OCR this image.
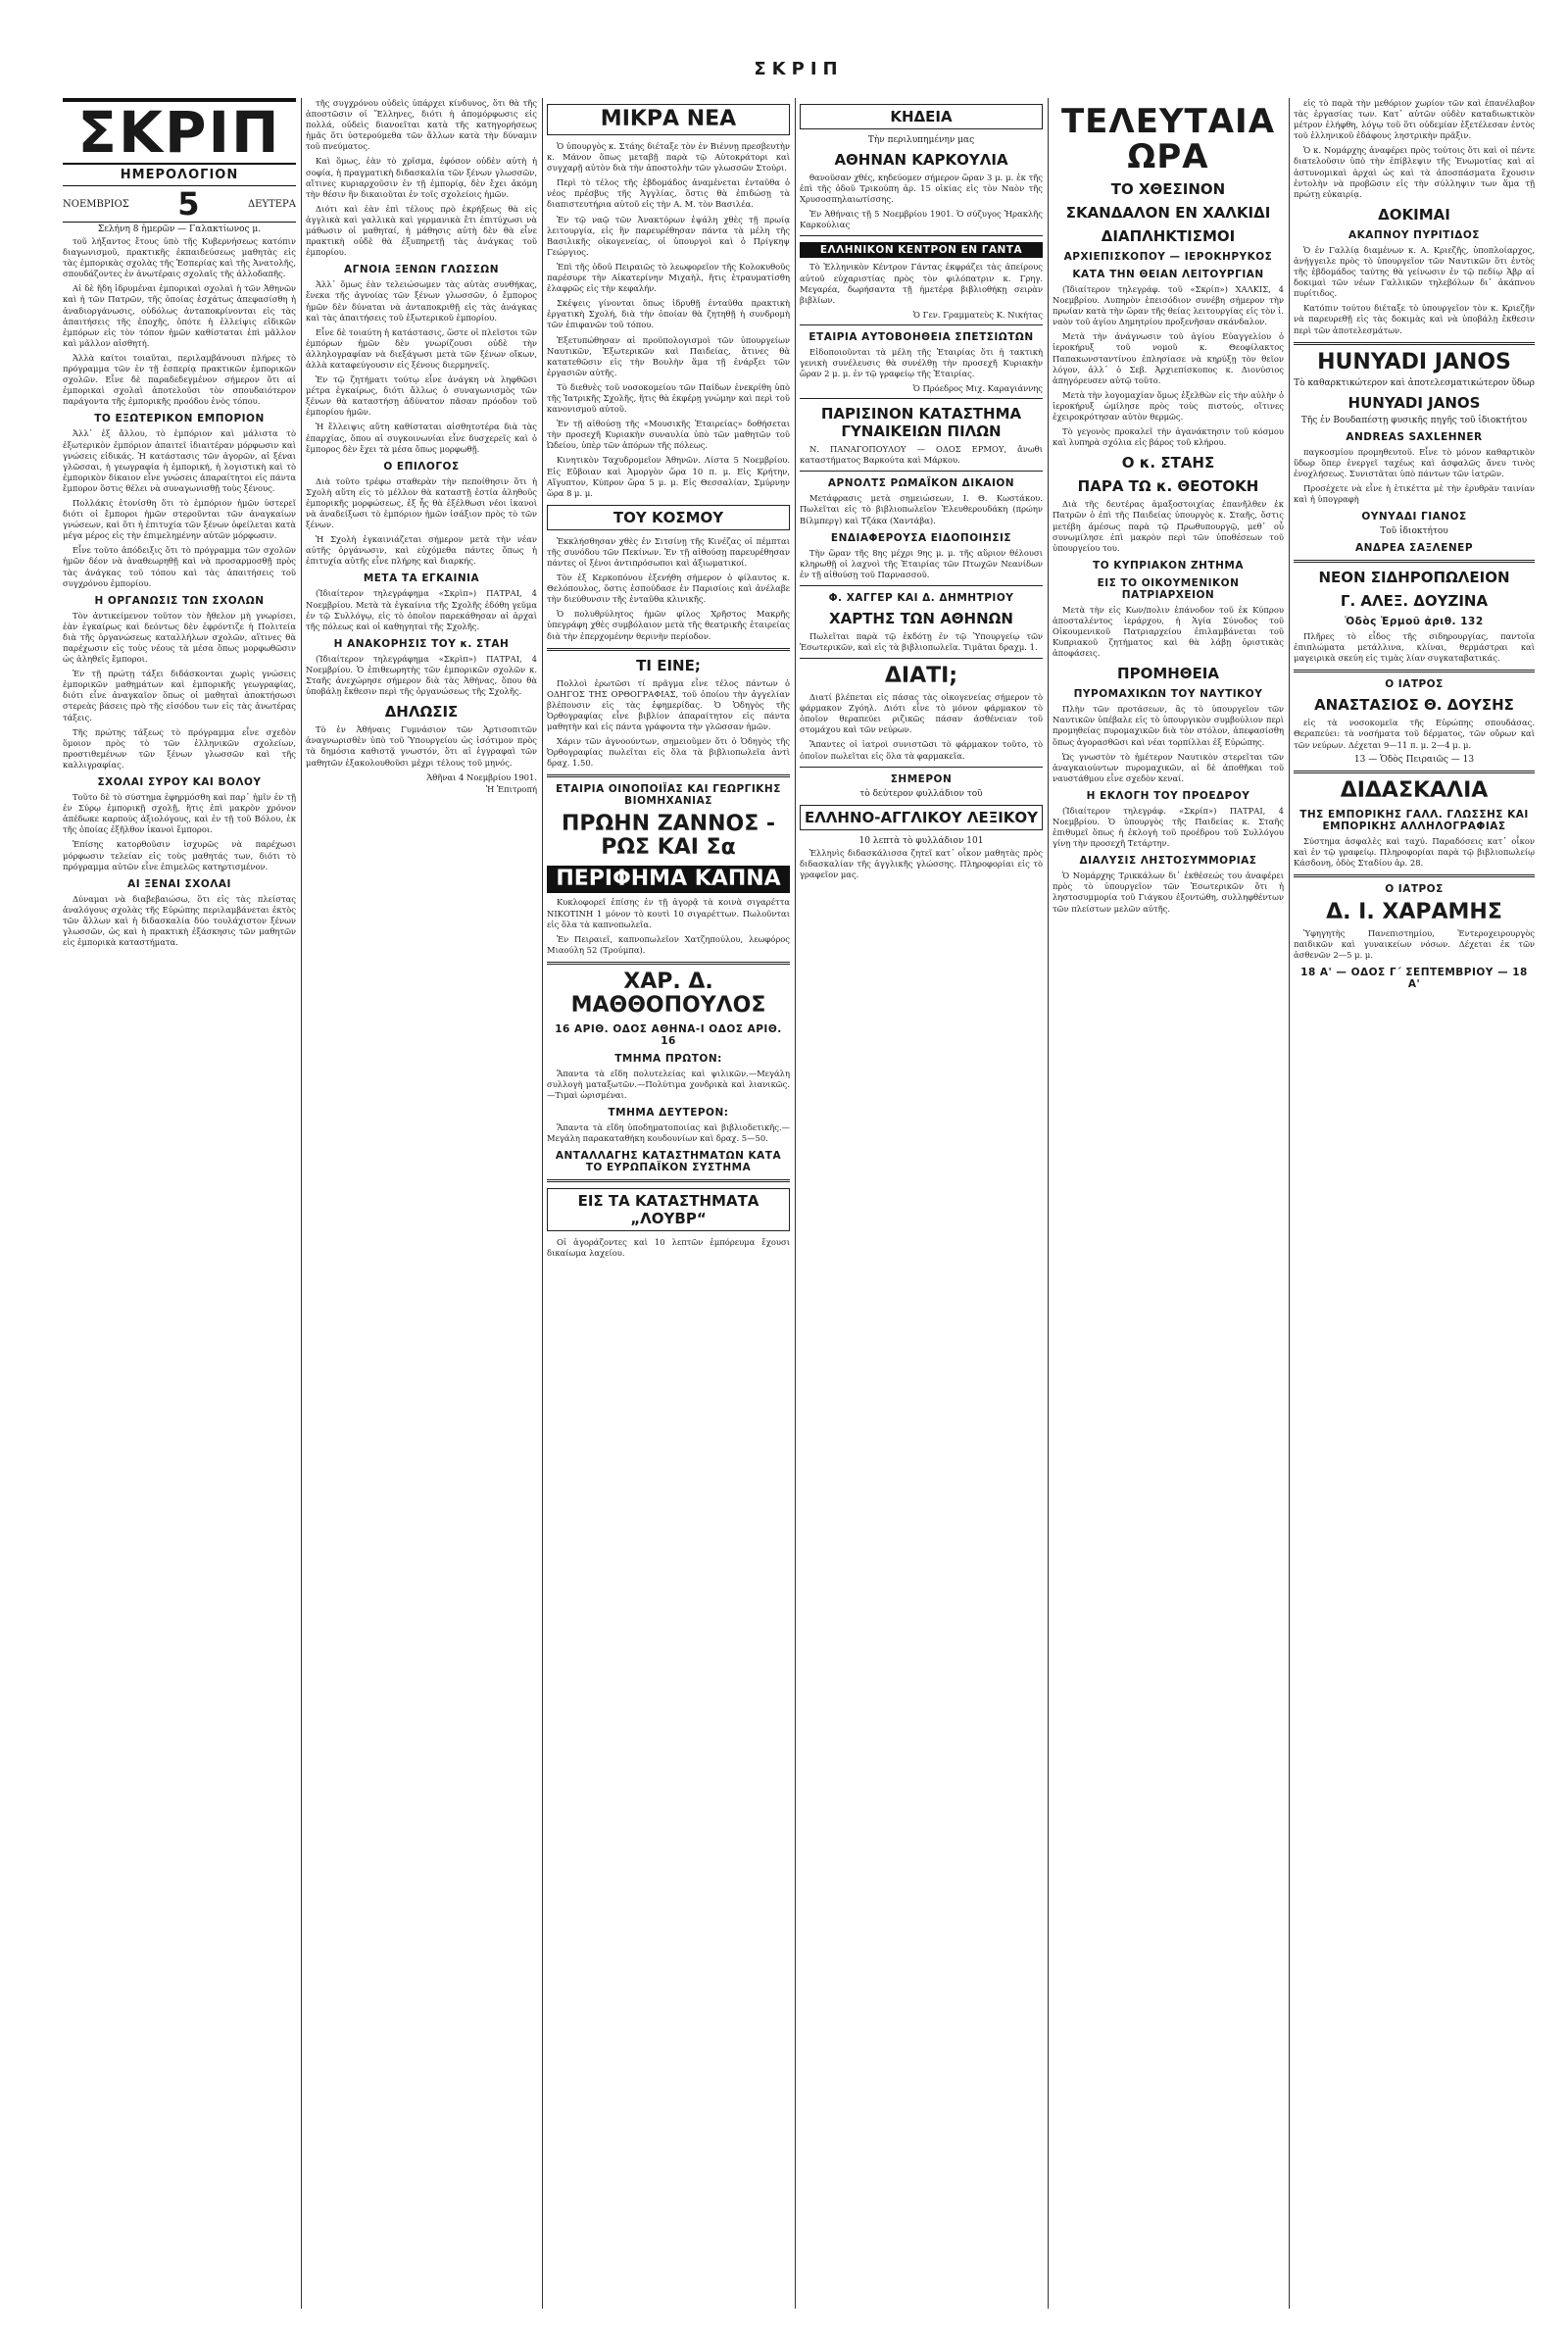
ΣΚΡΙΠ
ΣΚΡΙΠ
ΗΜΕΡΟΛΟΓΙΟΝ
ΝΟΕΜΒΡΙΟΣ 5	ΔΕΥΤΕΡΑ
Σελήνη 8 ἡμερῶν — Γαλακτίωνος μ.

τοῦ λήξαντος ἔτους ὑπὸ τῆς Κυβερνήσεως κατόπιν διαγωνισμοῦ, πρακτικῆς ἐκπαιδεύσεως μαθητὰς εἰς τὰς ἐμπορικὰς σχολὰς τῆς Ἑσπερίας καὶ τῆς Ἀνατολῆς, σπουδάζοντες ἐν ἀνωτέραις σχολαῖς τῆς ἀλλοδαπῆς.

Αἱ δὲ ἤδη ἱδρυμέναι ἐμπορικαὶ σχολαὶ ἡ τῶν Ἀθηνῶν καὶ ἡ τῶν Πατρῶν, τῆς ὁποίας ἐσχάτως ἀπεφασίσθη ἡ ἀναδιοργάνωσις, οὐδόλως ἀνταποκρίνονται εἰς τὰς ἀπαιτήσεις τῆς ἐποχῆς, ὁπότε ἡ ἐλλείψις εἰδικῶν ἐμπόρων εἰς τὸν τόπον ἡμῶν καθίσταται ἐπὶ μᾶλλον καὶ μᾶλλον αἰσθητή.

Ἀλλὰ καίτοι τοιαῦται, περιλαμβάνουσι πλήρες τὸ πρόγραμμα τῶν ἐν τῇ ἑσπερίᾳ πρακτικῶν ἐμπορικῶν σχολῶν. Εἶνε δὲ παραδεδεγμένον σήμερον ὅτι αἱ ἐμπορικαὶ σχολαὶ ἀποτελοῦσι τὸν σπουδαιότερον παράγοντα τῆς ἐμπορικῆς προόδου ἑνὸς τόπου.

ΤΟ ΕΞΩΤΕΡΙΚΟΝ ΕΜΠΟΡΙΟΝ

Ἀλλ᾽ ἐξ ἄλλου, τὸ ἐμπόριον καὶ μάλιστα τὸ ἐξωτερικὸν ἐμπόριον ἀπαιτεῖ ἰδιαιτέραν μόρφωσιν καὶ γνώσεις εἰδικάς. Ἡ κατάστασις τῶν ἀγορῶν, αἱ ξέναι γλῶσσαι, ἡ γεωγραφία ἡ ἐμπορική, ἡ λογιστικὴ καὶ τὸ ἐμπορικὸν δίκαιον εἶνε γνώσεις ἀπαραίτητοι εἰς πάντα ἔμπορον ὅστις θέλει νὰ συναγωνισθῇ τοὺς ξένους.

Πολλάκις ἐτονίσθη ὅτι τὸ ἐμπόριον ἡμῶν ὑστερεῖ διότι οἱ ἔμποροι ἡμῶν στεροῦνται τῶν ἀναγκαίων γνώσεων, καὶ ὅτι ἡ ἐπιτυχία τῶν ξένων ὀφείλεται κατὰ μέγα μέρος εἰς τὴν ἐπιμελημένην αὐτῶν μόρφωσιν.

Εἶνε τοῦτο ἀπόδειξις ὅτι τὸ πρόγραμμα τῶν σχολῶν ἡμῶν δέον νὰ ἀναθεωρηθῇ καὶ νὰ προσαρμοσθῇ πρὸς τὰς ἀνάγκας τοῦ τόπου καὶ τὰς ἀπαιτήσεις τοῦ συγχρόνου ἐμπορίου.

Η ΟΡΓΑΝΩΣΙΣ ΤΩΝ ΣΧΟΛΩΝ

Τὸν ἀντικείμενον τοῦτον τὸν ἤθελον μὴ γνωρίσει, ἐὰν ἐγκαίρως καὶ δεόντως δὲν ἐφρόντιζε ἡ Πολιτεία διὰ τῆς ὀργανώσεως καταλλήλων σχολῶν, αἵτινες θὰ παρέχωσιν εἰς τοὺς νέους τὰ μέσα ὅπως μορφωθῶσιν ὡς ἀληθεῖς ἔμποροι.

Ἐν τῇ πρώτῃ τάξει διδάσκονται χωρὶς γνώσεις ἐμπορικῶν μαθημάτων καὶ ἐμπορικῆς γεωγραφίας, διότι εἶνε ἀναγκαῖον ὅπως οἱ μαθηταὶ ἀποκτήσωσι στερεὰς βάσεις πρὸ τῆς εἰσόδου των εἰς τὰς ἀνωτέρας τάξεις.

Τῆς πρώτης τάξεως τὸ πρόγραμμα εἶνε σχεδὸν ὅμοιον πρὸς τὸ τῶν ἑλληνικῶν σχολείων, προστιθεμένων τῶν ξένων γλωσσῶν καὶ τῆς καλλιγραφίας.

ΣΧΟΛΑΙ ΣΥΡΟΥ ΚΑΙ ΒΟΛΟΥ

Τοῦτο δὲ τὸ σύστημα ἐφηρμόσθη καὶ παρ᾽ ἡμῖν ἐν τῇ ἐν Σύρῳ ἐμπορικῇ σχολῇ, ἣτις ἐπὶ μακρὸν χρόνον ἀπέδωκε καρποὺς ἀξιολόγους, καὶ ἐν τῇ τοῦ Βόλου, ἐκ τῆς ὁποίας ἐξῆλθον ἱκανοὶ ἔμποροι.

Ἐπίσης κατορθοῦσιν ἰσχυρῶς νὰ παρέχωσι μόρφωσιν τελείαν εἰς τοὺς μαθητάς των, διότι τὸ πρόγραμμα αὐτῶν εἶνε ἐπιμελῶς κατηρτισμένον.

ΑΙ ΞΕΝΑΙ ΣΧΟΛΑΙ

Δύναμαι νὰ διαβεβαιώσω, ὅτι εἰς τὰς πλείστας ἀναλόγους σχολὰς τῆς Εὐρώπης περιλαμβάνεται ἐκτὸς τῶν ἄλλων καὶ ἡ διδασκαλία δύο τουλάχιστον ξένων γλωσσῶν, ὡς καὶ ἡ πρακτικὴ ἐξάσκησις τῶν μαθητῶν εἰς ἐμπορικὰ καταστήματα.

τῆς συγχρόνου οὐδεὶς ὑπάρχει κίνδυνος, ὅτι θὰ τῆς ἀποστῶσιν οἱ Ἕλληνες, διότι ἡ ἀπομόρφωσις εἰς πολλά, οὐδεὶς διανοεῖται κατὰ τῆς κατηγορήσεως ἡμᾶς ὅτι ὑστερούμεθα τῶν ἄλλων κατὰ τὴν δύναμιν τοῦ πνεύματος.

Καὶ ὅμως, ἐὰν τὸ χρῖσμα, ἐφόσον οὐδὲν αὐτὴ ἡ σοφία, ἡ πραγματικὴ διδασκαλία τῶν ξένων γλωσσῶν, αἵτινες κυριαρχοῦσιν ἐν τῇ ἐμπορίᾳ, δὲν ἔχει ἀκόμη τὴν θέσιν ἣν δικαιοῦται ἐν τοῖς σχολείοις ἡμῶν.

Διότι καὶ ἐὰν ἐπὶ τέλους πρὸ ἐκρήξεως θὰ εἰς ἀγγλικὰ καὶ γαλλικὰ καὶ γερμανικὰ ἔτι ἐπιτύχωσι νὰ μάθωσιν οἱ μαθηταί, ἡ μάθησις αὐτὴ δὲν θὰ εἶνε πρακτικὴ οὐδὲ θὰ ἐξυπηρετῇ τὰς ἀνάγκας τοῦ ἐμπορίου.

ΑΓΝΟΙΑ ΞΕΝΩΝ ΓΛΩΣΣΩΝ

Ἀλλ᾽ ὅμως ἐὰν τελειώσωμεν τὰς αὐτὰς συνθήκας, ἔνεκα τῆς ἀγνοίας τῶν ξένων γλωσσῶν, ὁ ἔμπορος ἡμῶν δὲν δύναται νὰ ἀνταποκριθῇ εἰς τὰς ἀνάγκας καὶ τὰς ἀπαιτήσεις τοῦ ἐξωτερικοῦ ἐμπορίου.

Εἶνε δὲ τοιαύτη ἡ κατάστασις, ὥστε οἱ πλεῖστοι τῶν ἐμπόρων ἡμῶν δὲν γνωρίζουσι οὐδὲ τὴν ἀλληλογραφίαν νὰ διεξάγωσι μετὰ τῶν ξένων οἴκων, ἀλλὰ καταφεύγουσιν εἰς ξένους διερμηνεῖς.

Ἐν τῷ ζητήματι τούτῳ εἶνε ἀνάγκη νὰ ληφθῶσι μέτρα ἐγκαίρως, διότι ἄλλως ὁ συναγωνισμὸς τῶν ξένων θὰ καταστήσῃ ἀδύνατον πᾶσαν πρόοδον τοῦ ἐμπορίου ἡμῶν.

Ἡ ἔλλειψις αὕτη καθίσταται αἰσθητοτέρα διὰ τὰς ἐπαρχίας, ὅπου αἱ συγκοινωνίαι εἶνε δυσχερεῖς καὶ ὁ ἔμπορος δὲν ἔχει τὰ μέσα ὅπως μορφωθῇ.

Ο ΕΠΙΛΟΓΟΣ

Διὰ τοῦτο τρέφω σταθερὰν τὴν πεποίθησιν ὅτι ἡ Σχολὴ αὕτη εἰς τὸ μέλλον θὰ καταστῇ ἐστία ἀληθοῦς ἐμπορικῆς μορφώσεως, ἐξ ἧς θὰ ἐξέλθωσι νέοι ἱκανοὶ νὰ ἀναδείξωσι τὸ ἐμπόριον ἡμῶν ἰσάξιον πρὸς τὸ τῶν ξένων.

Ἡ Σχολὴ ἐγκαινιάζεται σήμερον μετὰ τὴν νέαν αὐτῆς ὀργάνωσιν, καὶ εὐχόμεθα πάντες ὅπως ἡ ἐπιτυχία αὐτῆς εἶνε πλήρης καὶ διαρκής.

ΜΕΤΑ ΤΑ ΕΓΚΑΙΝΙΑ

(Ἰδιαίτερον τηλεγράφημα «Σκρὶπ») ΠΑΤΡΑΙ, 4 Νοεμβρίου. Μετὰ τὰ ἐγκαίνια τῆς Σχολῆς ἐδόθη γεῦμα ἐν τῷ Συλλόγῳ, εἰς τὸ ὁποῖον παρεκάθησαν αἱ ἀρχαὶ τῆς πόλεως καὶ οἱ καθηγηταὶ τῆς Σχολῆς.

Η ΑΝΑΚΟΡΗΣΙΣ ΤΟΥ κ. ΣΤΑΗ

(Ἰδιαίτερον τηλεγράφημα «Σκρὶπ») ΠΑΤΡΑΙ, 4 Νοεμβρίου. Ὁ ἐπιθεωρητὴς τῶν ἐμπορικῶν σχολῶν κ. Σταῆς ἀνεχώρησε σήμερον διὰ τὰς Ἀθήνας, ὅπου θὰ ὑποβάλῃ ἔκθεσιν περὶ τῆς ὀργανώσεως τῆς Σχολῆς.

ΔΗΛΩΣΙΣ

Τὸ ἐν Ἀθήναις Γυμνάσιον τῶν Ἀρτισοπιτῶν ἀναγνωρισθὲν ὑπὸ τοῦ Ὑπουργείου ὡς ἰσότιμον πρὸς τὰ δημόσια καθιστᾷ γνωστόν, ὅτι αἱ ἐγγραφαὶ τῶν μαθητῶν ἐξακολουθοῦσι μέχρι τέλους τοῦ μηνός.

Ἀθῆναι 4 Νοεμβρίου 1901.
Ἡ Ἐπιτροπή
ΜΙΚΡΑ ΝΕΑ

Ὁ ὑπουργὸς κ. Στάης διέταξε τὸν ἐν Βιέννῃ πρεσβευτὴν κ. Μάνον ὅπως μεταβῇ παρὰ τῷ Αὐτοκράτορι καὶ συγχαρῇ αὐτὸν διὰ τὴν ἀποστολὴν τῶν γλωσσῶν Στούρι.

Περὶ τὸ τέλος τῆς ἑβδομάδος ἀναμένεται ἐνταῦθα ὁ νέος πρέσβυς τῆς Ἀγγλίας, ὅστις θὰ ἐπιδώσῃ τὰ διαπιστευτήρια αὐτοῦ εἰς τὴν Α. Μ. τὸν Βασιλέα.

Ἐν τῷ ναῷ τῶν Ἀνακτόρων ἐψάλη χθὲς τῇ πρωίᾳ λειτουργία, εἰς ἣν παρευρέθησαν πάντα τὰ μέλη τῆς Βασιλικῆς οἰκογενείας, οἱ ὑπουργοὶ καὶ ὁ Πρίγκηψ Γεώργιος.

Ἐπὶ τῆς ὁδοῦ Πειραιῶς τὸ λεωφορεῖον τῆς Κολοκυθοῦς παρέσυρε τὴν Αἰκατερίνην Μιχαὴλ, ἥτις ἐτραυματίσθη ἐλαφρῶς εἰς τὴν κεφαλήν.

Σκέψεις γίνονται ὅπως ἱδρυθῇ ἐνταῦθα πρακτικὴ ἐργατικὴ Σχολή, διὰ τὴν ὁποίαν θὰ ζητηθῇ ἡ συνδρομὴ τῶν ἐπιφανῶν τοῦ τόπου.

Ἐξετυπώθησαν αἱ προϋπολογισμοὶ τῶν ὑπουργείων Ναυτικῶν, Ἐξωτερικῶν καὶ Παιδείας, ἅτινες θὰ κατατεθῶσιν εἰς τὴν Βουλὴν ἅμα τῇ ἐνάρξει τῶν ἐργασιῶν αὐτῆς.

Τὸ διεθνὲς τοῦ νοσοκομείου τῶν Παίδων ἐνεκρίθη ὑπὸ τῆς Ἰατρικῆς Σχολῆς, ἥτις θὰ ἐκφέρῃ γνώμην καὶ περὶ τοῦ κανονισμοῦ αὐτοῦ.

Ἐν τῇ αἰθούσῃ τῆς «Μουσικῆς Ἑταιρείας» δοθήσεται τὴν προσεχῆ Κυριακὴν συναυλία ὑπὸ τῶν μαθητῶν τοῦ Ὠδείου, ὑπὲρ τῶν ἀπόρων τῆς πόλεως.

Κινητικὸν Ταχυδρομεῖον Ἀθηνῶν. Λίστα 5 Νοεμβρίου. Εἰς Εὔβοιαν καὶ Ἀμοργὸν ὥρα 10 π. μ. Εἰς Κρήτην, Αἴγυπτον, Κύπρον ὥρα 5 μ. μ. Εἰς Θεσσαλίαν, Σμύρνην ὥρα 8 μ. μ.

ΤΟΥ ΚΟΣΜΟΥ

Ἐκκλήσθησαν χθὲς ἐν Σιτσίνῃ τῆς Κινέζας οἱ πέμπται τῆς συνόδου τῶν Πεκίνων. Ἐν τῇ αἰθούσῃ παρευρέθησαν πάντες οἱ ξένοι ἀντιπρόσωποι καὶ ἀξιωματικοί.

Τὸν ἐξ Κερκοπόνου ἐξενήθη σήμερον ὁ φίλαυτος κ. Θελόπουλος, ὅστις ἐσπούδασε ἐν Παρισίοις καὶ ἀνέλαβε τὴν διεύθυνσιν τῆς ἐνταῦθα κλινικῆς.

Ὁ πολυθρύλητος ἡμῶν φίλος Χρῆστος Μακρῆς ὑπεγράφη χθὲς συμβόλαιον μετὰ τῆς θεατρικῆς ἑταιρείας διὰ τὴν ἐπερχομένην θερινὴν περίοδον.

ΤΙ ΕΙΝΕ;

Πολλοὶ ἐρωτῶσι τί πρᾶγμα εἶνε τέλος πάντων ὁ ΟΔΗΓΟΣ ΤΗΣ ΟΡΘΟΓΡΑΦΙΑΣ, τοῦ ὁποίου τὴν ἀγγελίαν βλέπουσιν εἰς τὰς ἐφημερίδας. Ὁ Ὁδηγὸς τῆς Ὀρθογραφίας εἶνε βιβλίον ἀπαραίτητον εἰς πάντα μαθητὴν καὶ εἰς πάντα γράφοντα τὴν γλῶσσαν ἡμῶν.

Χάριν τῶν ἀγνοούντων, σημειοῦμεν ὅτι ὁ Ὁδηγὸς τῆς Ὀρθογραφίας πωλεῖται εἰς ὅλα τὰ βιβλιοπωλεῖα ἀντὶ δραχ. 1.50.

ΕΤΑΙΡΙΑ ΟΙΝΟΠΟΙΪΑΣ ΚΑΙ ΓΕΩΡΓΙΚΗΣ ΒΙΟΜΗΧΑΝΙΑΣ
ΠΡΩΗΝ ΖΑΝΝΟΣ - ΡΩΣ ΚΑΙ Σα
ΠΕΡΙΦΗΜΑ ΚΑΠΝΑ

Κυκλοφορεῖ ἐπίσης ἐν τῇ ἀγορᾷ τὰ κοινὰ σιγαρέττα ΝΙΚΟΤΙΝΗ 1 μόνον τὸ κουτὶ 10 σιγαρέττων. Πωλοῦνται εἰς ὅλα τὰ καπνοπωλεῖα.

Ἐν Πειραιεῖ, καπνοπωλεῖον Χατζηπούλου, λεωφόρος Μιαούλη 52 (Τρούμπα).

ΧΑΡ. Δ. ΜΑΘΘΟΠΟΥΛΟΣ
16 ΑΡΙΘ. ΟΔΟΣ ΑΘΗΝΑ-Ι ΟΔΟΣ ΑΡΙΘ. 16
ΤΜΗΜΑ ΠΡΩΤΟΝ:

Ἅπαντα τὰ εἴδη πολυτελείας καὶ ψιλικῶν.—Μεγάλη συλλογὴ ματαξωτῶν.—Πολύτιμα χονδρικὰ καὶ λιανικῶς.—Τιμαὶ ὡρισμέναι.

ΤΜΗΜΑ ΔΕΥΤΕΡΟΝ:

Ἅπαντα τὰ εἴδη ὑποδηματοποιίας καὶ βιβλιοδετικῆς.—Μεγάλη παρακαταθήκη κουδουνίων καὶ δραχ. 5—50.

ΑΝΤΑΛΛΑΓΗΣ ΚΑΤΑΣΤΗΜΑΤΩΝ ΚΑΤΑ ΤΟ ΕΥΡΩΠΑΪΚΟΝ ΣΥΣΤΗΜΑ
ΕΙΣ ΤΑ ΚΑΤΑΣΤΗΜΑΤΑ „ΛΟΥΒΡ“

Οἱ ἀγοράζοντες καὶ 10 λεπτῶν ἐμπόρευμα ἔχουσι δικαίωμα λαχείου.

ΚΗΔΕΙΑ
Τὴν περιλυπημένην μας
ΑΘΗΝΑΝ ΚΑΡΚΟΥΛΙΑ

θανοῦσαν χθές, κηδεύομεν σήμερον ὥραν 3 μ. μ. ἐκ τῆς ἐπὶ τῆς ὁδοῦ Τρικούπη ἀρ. 15 οἰκίας εἰς τὸν Ναὸν τῆς Χρυσοσπηλαιωτίσσης.

Ἐν Ἀθήναις τῇ 5 Νοεμβρίου 1901. Ὁ σύζυγος Ἡρακλῆς Καρκούλιας

ΕΛΛΗΝΙΚΟΝ ΚΕΝΤΡΟΝ ΕΝ ΓΑΝΤΑ

Τὸ Ἑλληνικὸν Κέντρον Γάντας ἐκφράζει τὰς ἀπείρους αὐτοῦ εὐχαριστίας πρὸς τὸν φιλόπατριν κ. Γρηγ. Μεγαρέα, δωρήσαντα τῇ ἡμετέρᾳ βιβλιοθήκῃ σειρὰν βιβλίων.

Ὁ Γεν. Γραμματεὺς Κ. Νικήτας
ΕΤΑΙΡΙΑ ΑΥΤΟΒΟΗΘΕΙΑ ΣΠΕΤΣΙΩΤΩΝ

Εἰδοποιοῦνται τὰ μέλη τῆς Ἑταιρίας ὅτι ἡ τακτικὴ γενικὴ συνέλευσις θὰ συνέλθῃ τὴν προσεχῆ Κυριακὴν ὥραν 2 μ. μ. ἐν τῷ γραφείῳ τῆς Ἑταιρίας.

Ὁ Πρόεδρος Μιχ. Καραγιάννης
ΠΑΡΙΣΙΝΟΝ ΚΑΤΑΣΤΗΜΑ ΓΥΝΑΙΚΕΙΩΝ ΠΙΛΩΝ

Ν. ΠΑΝΑΓΟΠΟΥΛΟΥ — ΟΔΟΣ ΕΡΜΟΥ, ἄνωθι καταστήματος Βαρκούτα καὶ Μάρκου.

ΑΡΝΟΛΤΣ ΡΩΜΑΪΚΟΝ ΔΙΚΑΙΟΝ

Μετάφρασις μετὰ σημειώσεων, Ι. Θ. Κωστάκου. Πωλεῖται εἰς τὸ βιβλιοπωλεῖον Ἐλευθερουδάκη (πρώην Βίλμπεργ) καὶ Τζάκα (Χαντάβα).

ΕΝΔΙΑΦΕΡΟΥΣΑ ΕΙΔΟΠΟΙΗΣΙΣ

Τὴν ὥραν τῆς 8ης μέχρι 9ης μ. μ. τῆς αὔριον θέλουσι κληρωθῇ οἱ λαχνοὶ τῆς Ἑταιρίας τῶν Πτωχῶν Νεανίδων ἐν τῇ αἰθούσῃ τοῦ Παρνασσοῦ.

Φ. ΧΑΓΓΕΡ ΚΑΙ Δ. ΔΗΜΗΤΡΙΟΥ
ΧΑΡΤΗΣ ΤΩΝ ΑΘΗΝΩΝ

Πωλεῖται παρὰ τῷ ἐκδότῃ ἐν τῷ Ὑπουργείῳ τῶν Ἐσωτερικῶν, καὶ εἰς τὰ βιβλιοπωλεῖα. Τιμᾶται δραχμ. 1.

ΔΙΑΤΙ;

Διατί βλέπεται εἰς πάσας τὰς οἰκογενείας σήμερον τὸ φάρμακον Ζγόηλ. Διότι εἶνε τὸ μόνον φάρμακον τὸ ὁποῖον θεραπεύει ριζικῶς πάσαν ἀσθένειαν τοῦ στομάχου καὶ τῶν νεύρων.

Ἅπαντες οἱ ἰατροὶ συνιστῶσι τὸ φάρμακον τοῦτο, τὸ ὁποῖον πωλεῖται εἰς ὅλα τὰ φαρμακεῖα.

ΣΗΜΕΡΟΝ
τὸ δεύτερον φυλλάδιον τοῦ
ΕΛΛΗΝΟ-ΑΓΓΛΙΚΟΥ ΛΕΞΙΚΟΥ
10 λεπτὰ τὸ φυλλάδιον 101

Ἑλληνὶς διδασκάλισσα ζητεῖ κατ᾽ οἶκον μαθητὰς πρὸς διδασκαλίαν τῆς ἀγγλικῆς γλώσσης. Πληροφορίαι εἰς τὸ γραφεῖον μας.

ΤΕΛΕΥΤΑΙΑ ΩΡΑ
ΤΟ ΧΘΕΣΙΝΟΝ
ΣΚΑΝΔΑΛΟΝ ΕΝ ΧΑΛΚΙΔΙ
ΔΙΑΠΛΗΚΤΙΣΜΟΙ
ΑΡΧΙΕΠΙΣΚΟΠΟΥ — ΙΕΡΟΚΗΡΥΚΟΣ
ΚΑΤΑ ΤΗΝ ΘΕΙΑΝ ΛΕΙΤΟΥΡΓΙΑΝ

(Ἰδιαίτερον τηλεγράφ. τοῦ «Σκρίπ») ΧΑΛΚΙΣ, 4 Νοεμβρίου. Λυπηρὸν ἐπεισόδιον συνέβη σήμερον τὴν πρωίαν κατὰ τὴν ὥραν τῆς θείας λειτουργίας εἰς τὸν ἱ. ναὸν τοῦ ἁγίου Δημητρίου προξενῆσαν σκάνδαλον.

Μετὰ τὴν ἀνάγνωσιν τοῦ ἁγίου Εὐαγγελίου ὁ ἱεροκήρυξ τοῦ νομοῦ κ. Θεοφίλακτος Παπακωνσταντίνου ἐπλησίασε νὰ κηρύξῃ τὸν θεῖον λόγον, ἀλλ᾽ ὁ Σεβ. Ἀρχιεπίσκοπος κ. Διονύσιος ἀπηγόρευσεν αὐτῷ τοῦτο.

Μετὰ τὴν λογομαχίαν ὅμως ἐξελθὼν εἰς τὴν αὐλὴν ὁ ἱεροκήρυξ ὡμίλησε πρὸς τοὺς πιστούς, οἵτινες ἐχειροκρότησαν αὐτὸν θερμῶς.

Τὸ γεγονὸς προκαλεῖ τὴν ἀγανάκτησιν τοῦ κόσμου καὶ λυπηρὰ σχόλια εἰς βάρος τοῦ κλήρου.

Ο κ. ΣΤΑΗΣ
ΠΑΡΑ ΤΩ κ. ΘΕΟΤΟΚΗ

Διὰ τῆς δευτέρας ἀμαξοστοιχίας ἐπανῆλθεν ἐκ Πατρῶν ὁ ἐπὶ τῆς Παιδείας ὑπουργὸς κ. Σταῆς, ὅστις μετέβη ἀμέσως παρὰ τῷ Πρωθυπουργῷ, μεθ᾽ οὗ συνωμίλησε ἐπὶ μακρὸν περὶ τῶν ὑποθέσεων τοῦ ὑπουργείου του.

ΤΟ ΚΥΠΡΙΑΚΟΝ ΖΗΤΗΜΑ
ΕΙΣ ΤΟ ΟΙΚΟΥΜΕΝΙΚΟΝ ΠΑΤΡΙΑΡΧΕΙΟΝ

Μετὰ τὴν εἰς Κων/πολιν ἐπάνοδον τοῦ ἐκ Κύπρου ἀποσταλέντος ἱεράρχου, ἡ Ἁγία Σύνοδος τοῦ Οἰκουμενικοῦ Πατριαρχείου ἐπιλαμβάνεται τοῦ Κυπριακοῦ ζητήματος καὶ θὰ λάβῃ ὁριστικὰς ἀποφάσεις.

ΠΡΟΜΗΘΕΙΑ
ΠΥΡΟΜΑΧΙΚΩΝ ΤΟΥ ΝΑΥΤΙΚΟΥ

Πλὴν τῶν προτάσεων, ἃς τὸ ὑπουργεῖον τῶν Ναυτικῶν ὑπέβαλε εἰς τὸ ὑπουργικὸν συμβούλιον περὶ προμηθείας πυρομαχικῶν διὰ τὸν στόλον, ἀπεφασίσθη ὅπως ἀγορασθῶσι καὶ νέαι τορπίλλαι ἐξ Εὐρώπης.

Ὡς γνωστὸν τὸ ἡμέτερον Ναυτικὸν στερεῖται τῶν ἀναγκαιούντων πυρομαχικῶν, αἱ δὲ ἀποθῆκαι τοῦ ναυστάθμου εἶνε σχεδὸν κεναί.

Η ΕΚΛΟΓΗ ΤΟΥ ΠΡΟΕΔΡΟΥ

(Ἰδιαίτερον τηλεγράφ. «Σκρίπ») ΠΑΤΡΑΙ, 4 Νοεμβρίου. Ὁ ὑπουργὸς τῆς Παιδείας κ. Σταῆς ἐπιθυμεῖ ὅπως ἡ ἐκλογὴ τοῦ προέδρου τοῦ Συλλόγου γίνῃ τὴν προσεχῆ Τετάρτην.

ΔΙΑΛΥΣΙΣ ΛΗΣΤΟΣΥΜΜΟΡΙΑΣ

Ὁ Νομάρχης Τρικκάλων δι᾽ ἐκθέσεώς του ἀναφέρει πρὸς τὸ ὑπουργεῖον τῶν Ἐσωτερικῶν ὅτι ἡ ληστοσυμμορία τοῦ Γιάγκου ἐξοντώθη, συλληφθέντων τῶν πλείστων μελῶν αὐτῆς.

εἰς τὸ παρὰ τὴν μεθόριον χωρίον τῶν καὶ ἐπανέλαβον τὰς ἐργασίας των. Κατ᾽ αὐτῶν οὐδὲν καταδιωκτικὸν μέτρον ἐλήφθη, λόγῳ τοῦ ὅτι οὐδεμίαν ἐξετέλεσαν ἐντὸς τοῦ ἑλληνικοῦ ἐδάφους ληστρικὴν πρᾶξιν.

Ὁ κ. Νομάρχης ἀναφέρει πρὸς τούτοις ὅτι καὶ οἱ πέντε διατελοῦσιν ὑπὸ τὴν ἐπίβλεψιν τῆς Ἐνωμοτίας καὶ αἱ ἀστυνομικαὶ ἀρχαὶ ὡς καὶ τὰ ἀποσπάσματα ἔχουσιν ἐντολὴν νὰ προβῶσιν εἰς τὴν σύλληψιν των ἅμα τῇ πρώτῃ εὐκαιρίᾳ.

ΔΟΚΙΜΑΙ
ΑΚΑΠΝΟΥ ΠΥΡΙΤΙΔΟΣ

Ὁ ἐν Γαλλίᾳ διαμένων κ. Α. Κριεζῆς, ὑποπλοίαρχος, ἀνήγγειλε πρὸς τὸ ὑπουργεῖον τῶν Ναυτικῶν ὅτι ἐντὸς τῆς ἑβδομάδος ταύτης θὰ γείνωσιν ἐν τῷ πεδίῳ Ἀβρ αἱ δοκιμαὶ τῶν νέων Γαλλικῶν τηλεβόλων δι᾽ ἀκάπνου πυρίτιδος.

Κατόπιν τούτου διέταξε τὸ ὑπουργεῖον τὸν κ. Κριεζῆν νὰ παρευρεθῇ εἰς τὰς δοκιμὰς καὶ νὰ ὑποβάλῃ ἔκθεσιν περὶ τῶν ἀποτελεσμάτων.

HUNYADI JANOS
Τὸ καθαρκτικώτερον καὶ ἀποτελεσματικώτερον ὕδωρ
HUNYADI JANOS
Τῆς ἐν Βουδαπέστῃ φυσικῆς πηγῆς τοῦ ἰδιοκτήτου
ANDREAS SAXLEHNER

παγκοσμίου προμηθευτοῦ. Εἶνε τὸ μόνον καθαρτικὸν ὕδωρ ὅπερ ἐνεργεῖ ταχέως καὶ ἀσφαλῶς ἄνευ τινὸς ἐνοχλήσεως. Συνιστᾶται ὑπὸ πάντων τῶν ἰατρῶν.

Προσέχετε νὰ εἶνε ἡ ἐτικέττα μὲ τὴν ἐρυθρὰν ταινίαν καὶ ἡ ὑπογραφὴ

ΟΥΝΥΑΔΙ ΓΙΑΝΟΣ
Τοῦ ἰδιοκτήτου
ΑΝΔΡΕΑ ΣΑΞΛΕΝΕΡ
ΝΕΟΝ ΣΙΔΗΡΟΠΩΛΕΙΟΝ
Γ. ΑΛΕΞ. ΔΟΥΖΙΝΑ
Ὁδὸς Ἑρμοῦ ἀριθ. 132

Πλῆρες τὸ εἶδος τῆς σιδηρουργίας, παντοῖα ἐπιπλώματα μετάλλινα, κλίναι, θερμάστραι καὶ μαγειρικὰ σκεύη εἰς τιμὰς λίαν συγκαταβατικάς.

Ο ΙΑΤΡΟΣ
ΑΝΑΣΤΑΣΙΟΣ Θ. ΔΟΥΣΗΣ

εἰς τὰ νοσοκομεῖα τῆς Εὐρώπης σπουδάσας. Θεραπεύει: τὰ νοσήματα τοῦ δέρματος, τῶν οὔρων καὶ τῶν νεύρων. Δέχεται 9—11 π. μ. 2—4 μ. μ.

13 — Ὁδὸς Πειραιῶς — 13
ΔΙΔΑΣΚΑΛΙΑ
ΤΗΣ ΕΜΠΟΡΙΚΗΣ ΓΑΛΛ. ΓΛΩΣΣΗΣ ΚΑΙ ΕΜΠΟΡΙΚΗΣ ΑΛΛΗΛΟΓΡΑΦΙΑΣ

Σύστημα ἀσφαλὲς καὶ ταχύ. Παραδόσεις κατ᾽ οἶκον καὶ ἐν τῷ γραφείῳ. Πληροφορίαι παρὰ τῷ βιβλιοπωλείῳ Κάσδονη, ὁδὸς Σταδίου ἀρ. 28.

Ο ΙΑΤΡΟΣ
Δ. Ι. ΧΑΡΑΜΗΣ

Ὑφηγητὴς Πανεπιστημίου, Ἐντεροχειρουργὸς παιδικῶν καὶ γυναικείων νόσων. Δέχεται ἐκ τῶν ἀσθενῶν 2—5 μ. μ.

18 Α' — ΟΔΟΣ Γ΄ ΣΕΠΤΕΜΒΡΙΟΥ — 18 Α'
